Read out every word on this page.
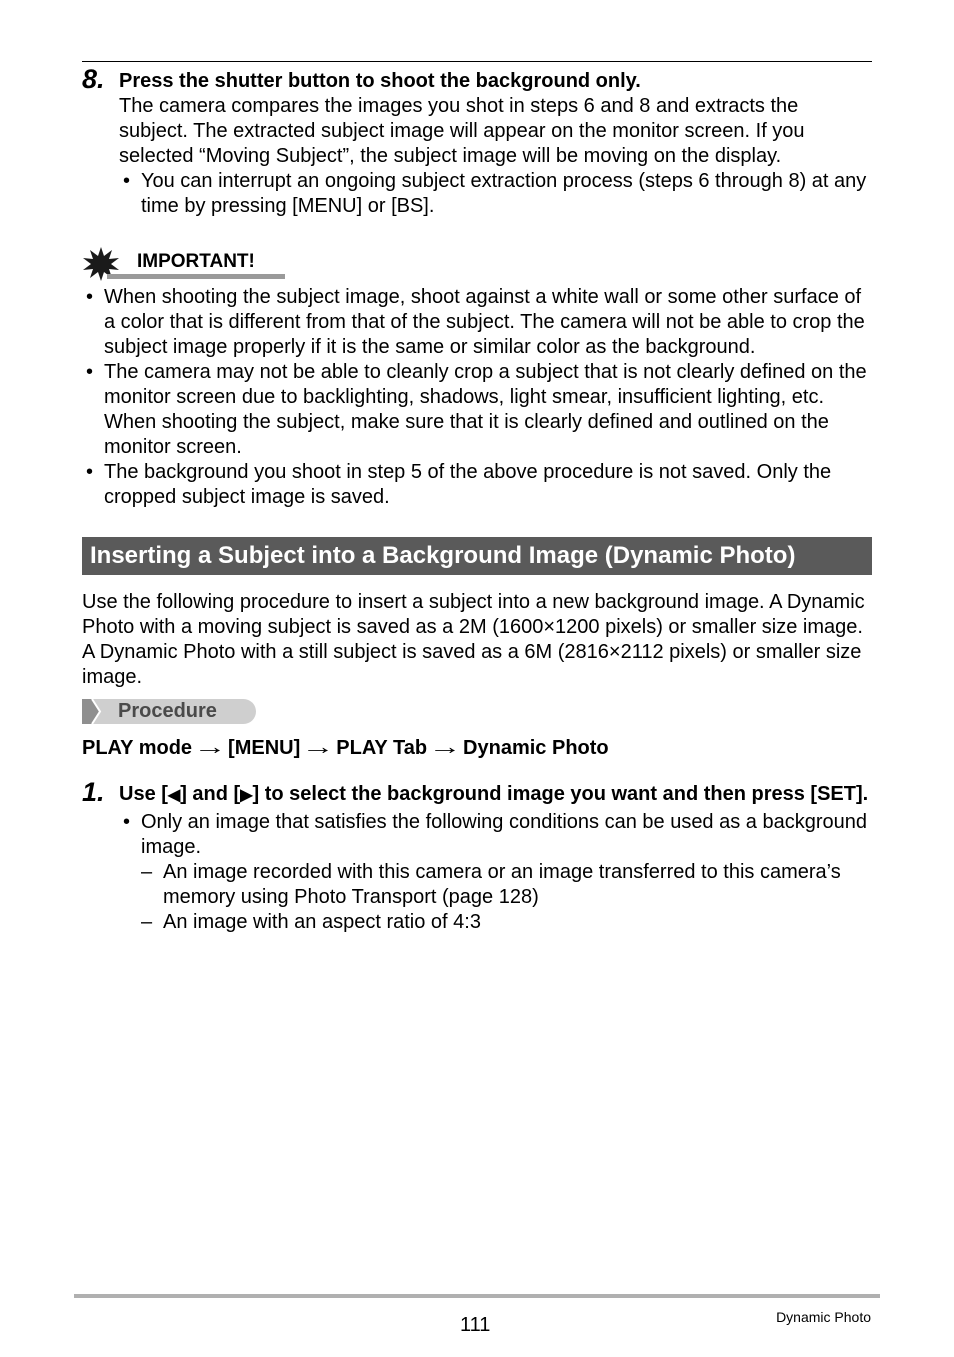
8. Press the shutter button to shoot the background only.
The camera compares the images you shot in steps 6 and 8 and extracts the subject. The extracted subject image will appear on the monitor screen. If you selected “Moving Subject”, the subject image will be moving on the display.
• You can interrupt an ongoing subject extraction process (steps 6 through 8) at any time by pressing [MENU] or [BS].
IMPORTANT!
• When shooting the subject image, shoot against a white wall or some other surface of a color that is different from that of the subject. The camera will not be able to crop the subject image properly if it is the same or similar color as the background.
• The camera may not be able to cleanly crop a subject that is not clearly defined on the monitor screen due to backlighting, shadows, light smear, insufficient lighting, etc. When shooting the subject, make sure that it is clearly defined and outlined on the monitor screen.
• The background you shoot in step 5 of the above procedure is not saved. Only the cropped subject image is saved.
Inserting a Subject into a Background Image (Dynamic Photo)
Use the following procedure to insert a subject into a new background image. A Dynamic Photo with a moving subject is saved as a 2M (1600×1200 pixels) or smaller size image. A Dynamic Photo with a still subject is saved as a 6M (2816×2112 pixels) or smaller size image.
Procedure
PLAY mode→[MENU]→PLAY Tab→Dynamic Photo
1. Use [◀] and [▶] to select the background image you want and then press [SET].
• Only an image that satisfies the following conditions can be used as a background image.
– An image recorded with this camera or an image transferred to this camera’s memory using Photo Transport (page 128)
– An image with an aspect ratio of 4:3
111	Dynamic Photo
